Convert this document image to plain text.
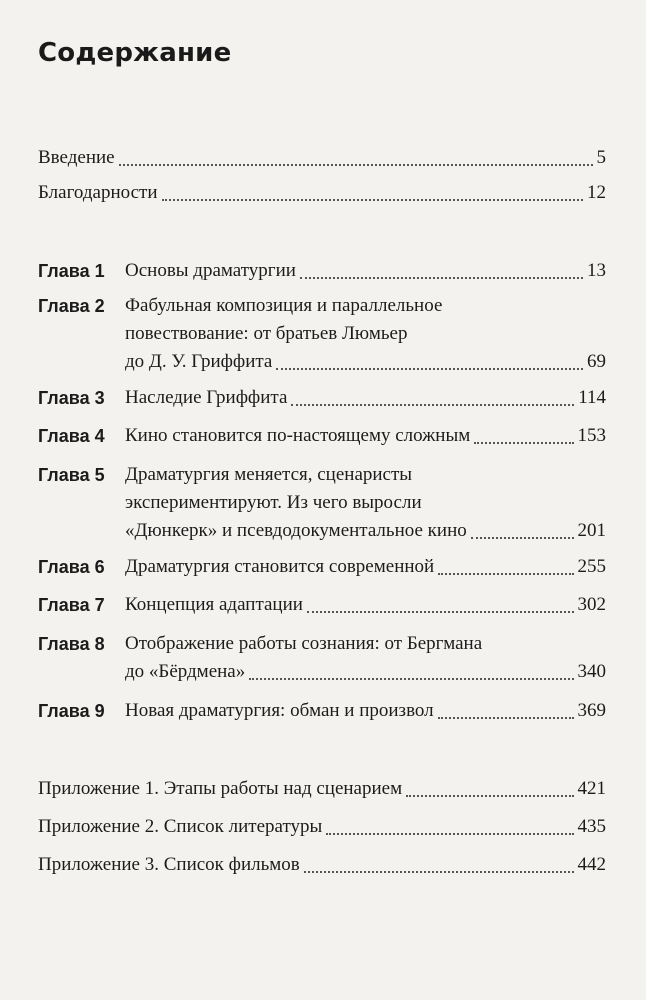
Содержание
Введение	5
Благодарности	12
Глава 1 Основы драматургии	13
Глава 2 Фабульная композиция и параллельное
повествование: от братьев Люмьер
до Д. У. Гриффита	69
Глава 3 Наследие Гриффита	114
Глава 4 Кино становится по-настоящему сложным	153
Глава 5 Драматургия меняется, сценаристы
экспериментируют. Из чего выросли
«Дюнкерк» и псевдодокументальное кино	201
Глава 6 Драматургия становится современной	255
Глава 7 Концепция адаптации	302
Глава 8 Отображение работы сознания: от Бергмана
до «Бёрдмена»	340
Глава 9 Новая драматургия: обман и произвол	369
Приложение 1. Этапы работы над сценарием	421
Приложение 2. Список литературы	435
Приложение 3. Список фильмов	442
